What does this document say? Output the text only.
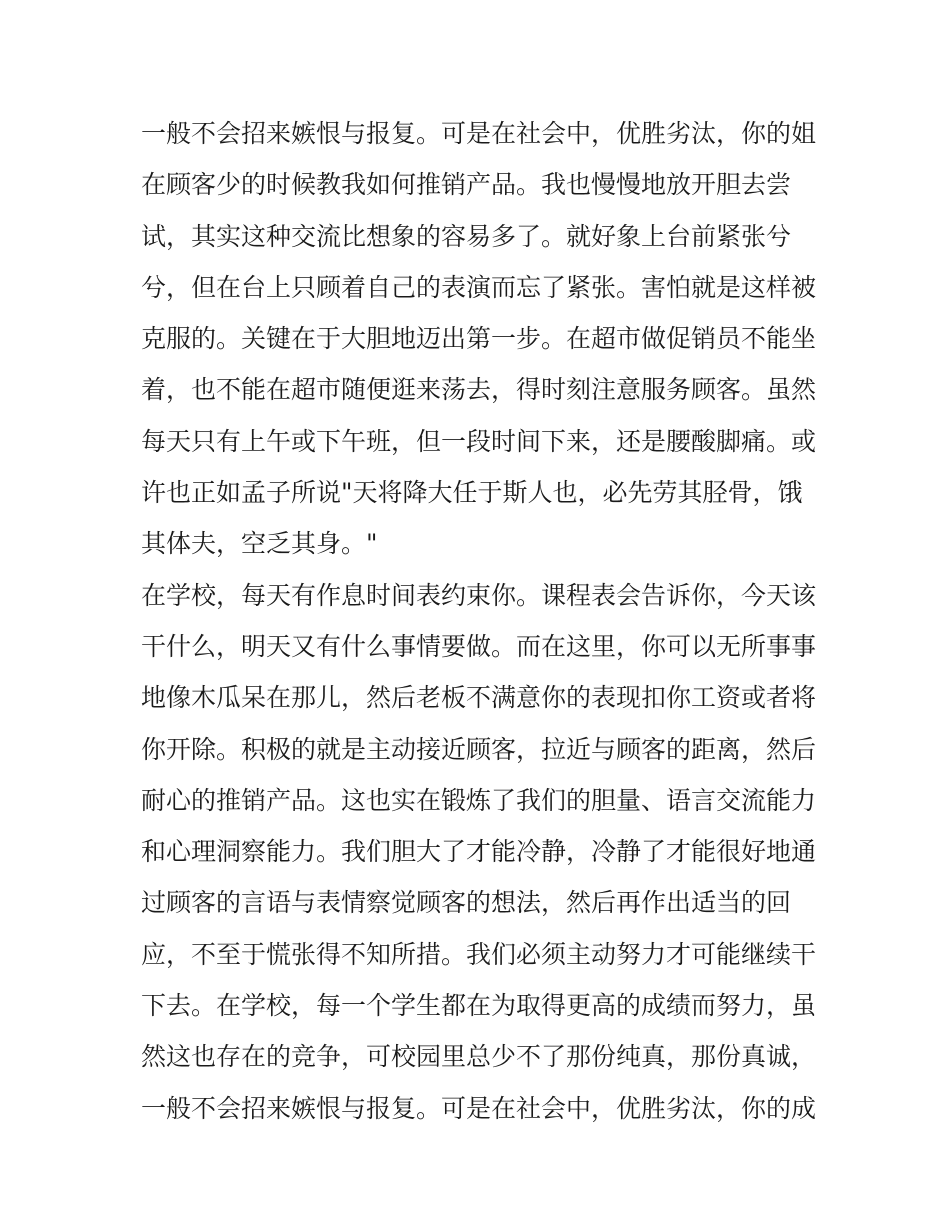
一般不会招来嫉恨与报复。可是在社会中，优胜劣汰，你的姐
在顾客少的时候教我如何推销产品。我也慢慢地放开胆去尝
试，其实这种交流比想象的容易多了。就好象上台前紧张兮
兮，但在台上只顾着自己的表演而忘了紧张。害怕就是这样被
克服的。关键在于大胆地迈出第一步。在超市做促销员不能坐
着，也不能在超市随便逛来荡去，得时刻注意服务顾客。虽然
每天只有上午或下午班，但一段时间下来，还是腰酸脚痛。或
许也正如孟子所说"天将降大任于斯人也，必先劳其胫骨，饿
其体夫，空乏其身。"
在学校，每天有作息时间表约束你。课程表会告诉你，今天该
干什么，明天又有什么事情要做。而在这里，你可以无所事事
地像木瓜呆在那儿，然后老板不满意你的表现扣你工资或者将
你开除。积极的就是主动接近顾客，拉近与顾客的距离，然后
耐心的推销产品。这也实在锻炼了我们的胆量、语言交流能力
和心理洞察能力。我们胆大了才能冷静，冷静了才能很好地通
过顾客的言语与表情察觉顾客的想法，然后再作出适当的回
应，不至于慌张得不知所措。我们必须主动努力才可能继续干
下去。在学校，每一个学生都在为取得更高的成绩而努力，虽
然这也存在的竞争，可校园里总少不了那份纯真，那份真诚，
一般不会招来嫉恨与报复。可是在社会中，优胜劣汰，你的成
